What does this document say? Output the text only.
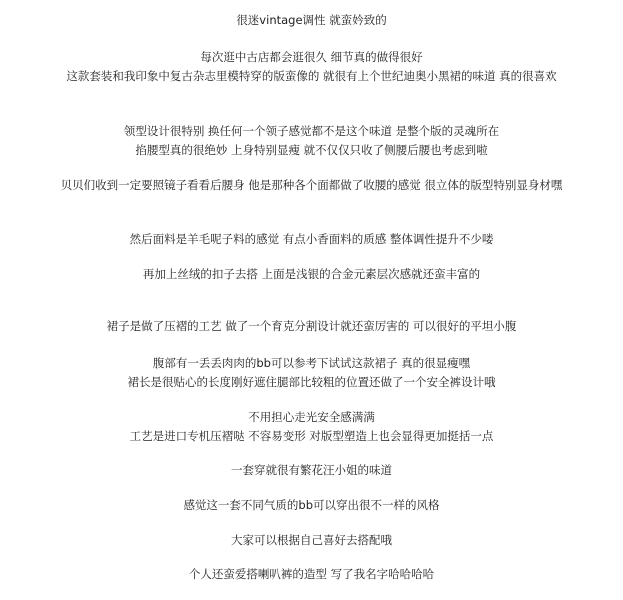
很迷vintage调性 就蛮妗致的
每次逛中古店都会逛很久 细节真的做得很好
这款套装和我印象中复古杂志里模特穿的版蛮像的 就很有上个世纪迪奥小黑裙的味道 真的很喜欢
领型设计很特别 换任何一个领子感觉都不是这个味道 是整个版的灵魂所在
掐腰型真的很绝妙 上身特别显瘦 就不仅仅只收了侧腰后腰也考虑到啦
贝贝们收到一定要照镜子看看后腰身 他是那种各个面都做了收腰的感觉 很立体的版型特别显身材嘿
然后面料是羊毛呢子料的感觉 有点小香面料的质感 整体调性提升不少喽
再加上丝绒的扣子去搭 上面是浅银的合金元素层次感就还蛮丰富的
裙子是做了压褶的工艺 做了一个育克分割设计就还蛮厉害的 可以很好的平坦小腹
腹部有一丢丢肉肉的bb可以参考下试试这款裙子 真的很显瘦嘿
裙长是很贴心的长度刚好遮住腿部比较粗的位置还做了一个安全裤设计哦
不用担心走光安全感满满
工艺是进口专机压褶哒 不容易变形 对版型塑造上也会显得更加挺括一点
一套穿就很有繁花汪小姐的味道
感觉这一套不同气质的bb可以穿出很不一样的风格
大家可以根据自己喜好去搭配哦
个人还蛮爱搭喇叭裤的造型 写了我名字哈哈哈哈
